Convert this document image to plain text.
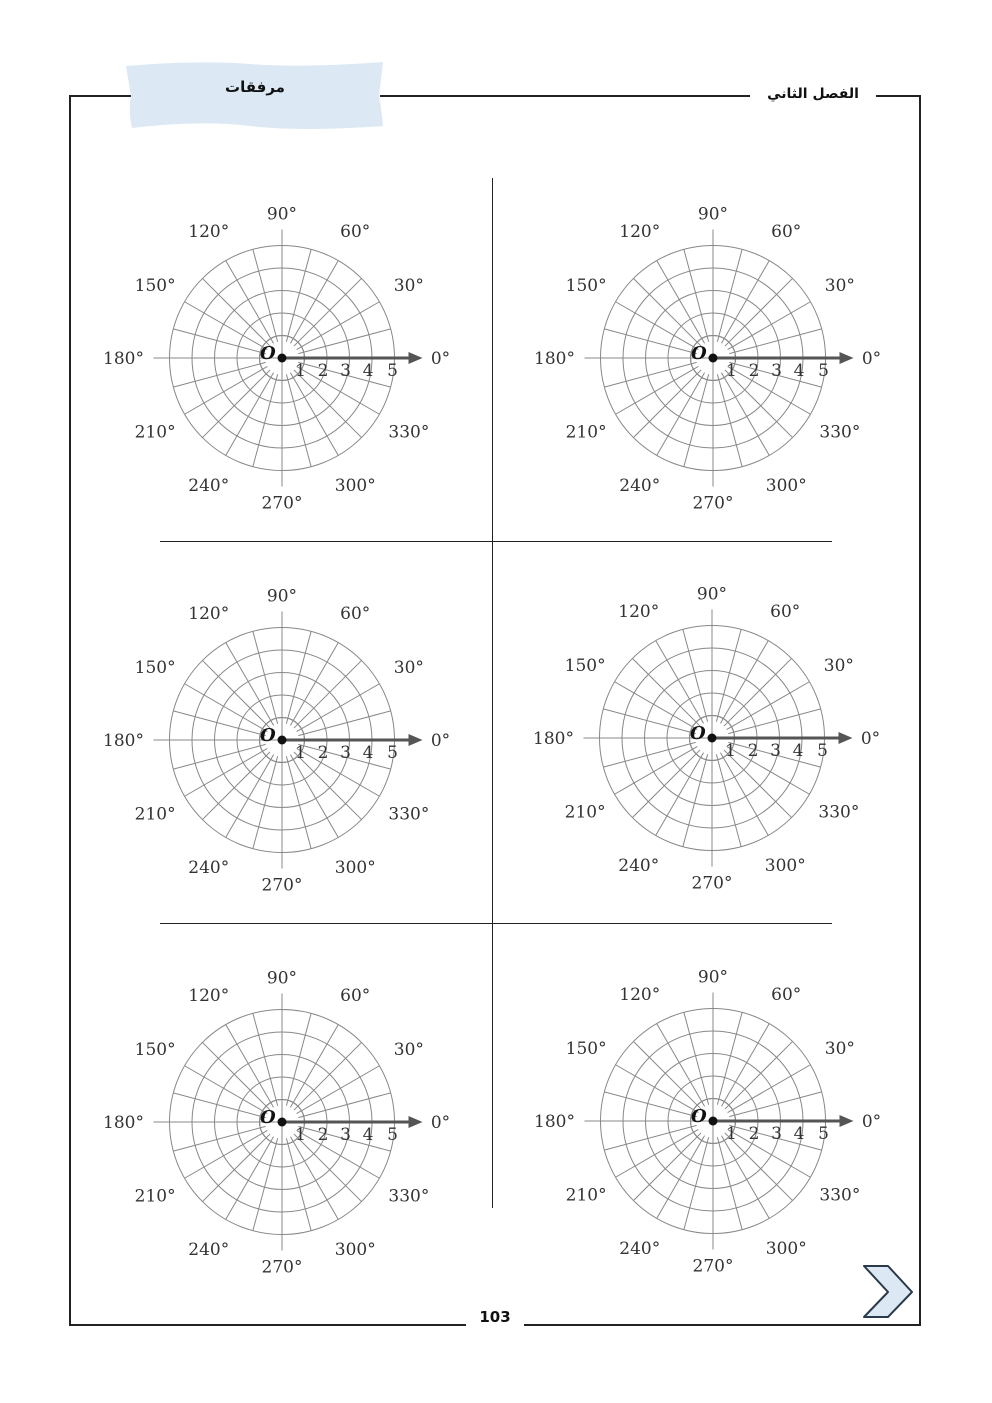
مرفقات	الفصل الثاني
O
1 2 3 4 5
0°
30°
60°
90°
120°
150°
180°
210°
240°
270°
300°
330°
O
1 2 3 4 5
0°
30°
60°
90°
120°
150°
180°
210°
240°
270°
300°
330°
O
1 2 3 4 5
0°
30°
60°
90°
120°
150°
180°
210°
240°
270°
300°
330°
O
1 2 3 4 5
0°
30°
60°
90°
120°
150°
180°
210°
240°
270°
300°
330°
O
1 2 3 4 5
0°
30°
60°
90°
120°
150°
180°
210°
240°
270°
300°
330°
O
1 2 3 4 5
0°
30°
60°
90°
120°
150°
180°
210°
240°
270°
300°
330°
103
